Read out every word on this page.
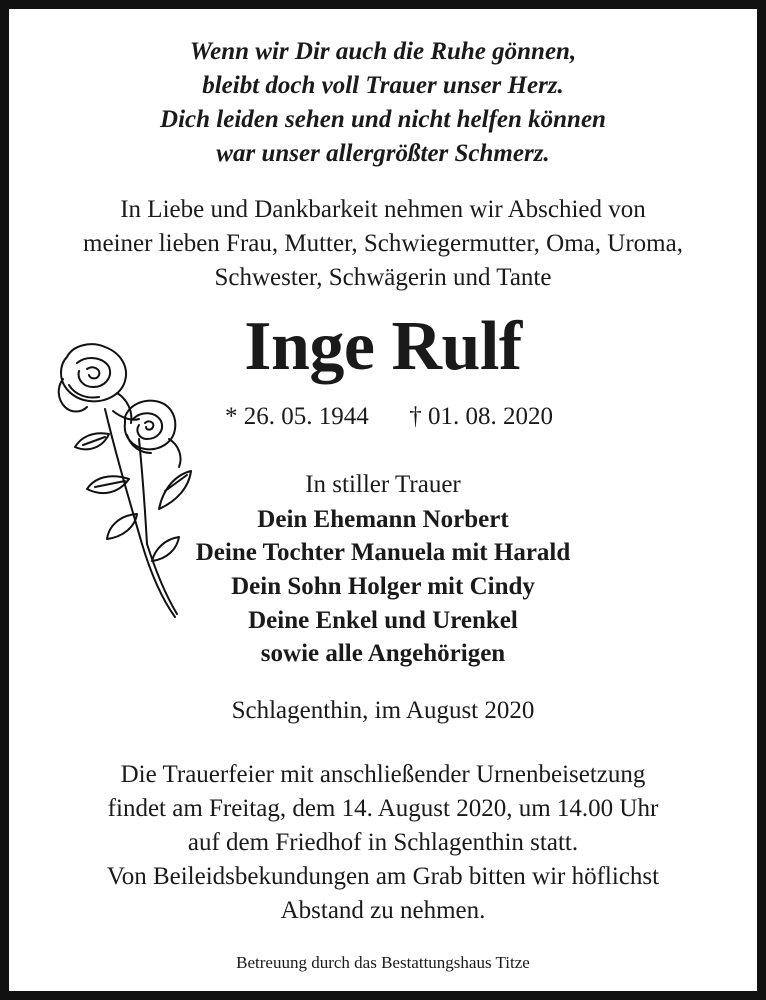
Wenn wir Dir auch die Ruhe gönnen,
bleibt doch voll Trauer unser Herz.
Dich leiden sehen und nicht helfen können
war unser allergrößter Schmerz.
In Liebe und Dankbarkeit nehmen wir Abschied von
meiner lieben Frau, Mutter, Schwiegermutter, Oma, Uroma,
Schwester, Schwägerin und Tante
Inge Rulf
* 26. 05. 1944 † 01. 08. 2020
In stiller Trauer
Dein Ehemann Norbert
Deine Tochter Manuela mit Harald
Dein Sohn Holger mit Cindy
Deine Enkel und Urenkel
sowie alle Angehörigen
Schlagenthin, im August 2020
Die Trauerfeier mit anschließender Urnenbeisetzung
findet am Freitag, dem 14. August 2020, um 14.00 Uhr
auf dem Friedhof in Schlagenthin statt.
Von Beileidsbekundungen am Grab bitten wir höflichst
Abstand zu nehmen.
Betreuung durch das Bestattungshaus Titze
